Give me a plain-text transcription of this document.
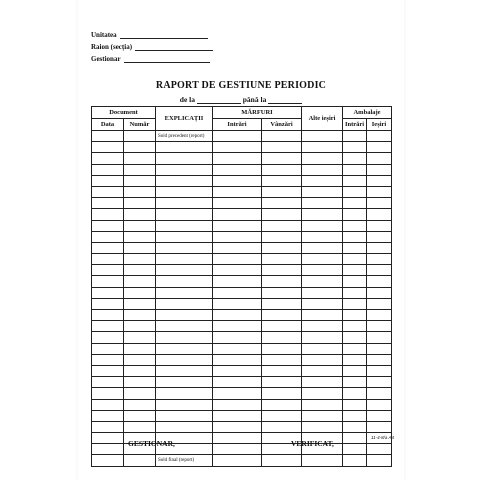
Unitatea
Raion (secția)
Gestionar
RAPORT DE GESTIUNE PERIODIC
de la	până la
Document		EXPLICAȚII	MĂRFURI		Alte ieșiri	Ambalaje	
Data	Număr		Intrări	Vânzări		Intrări	Ieșiri
		Sold precedent (report)					

		Sold final (report)					
GESTIONAR,	VERIFICAT,
11-4-8/a A4
